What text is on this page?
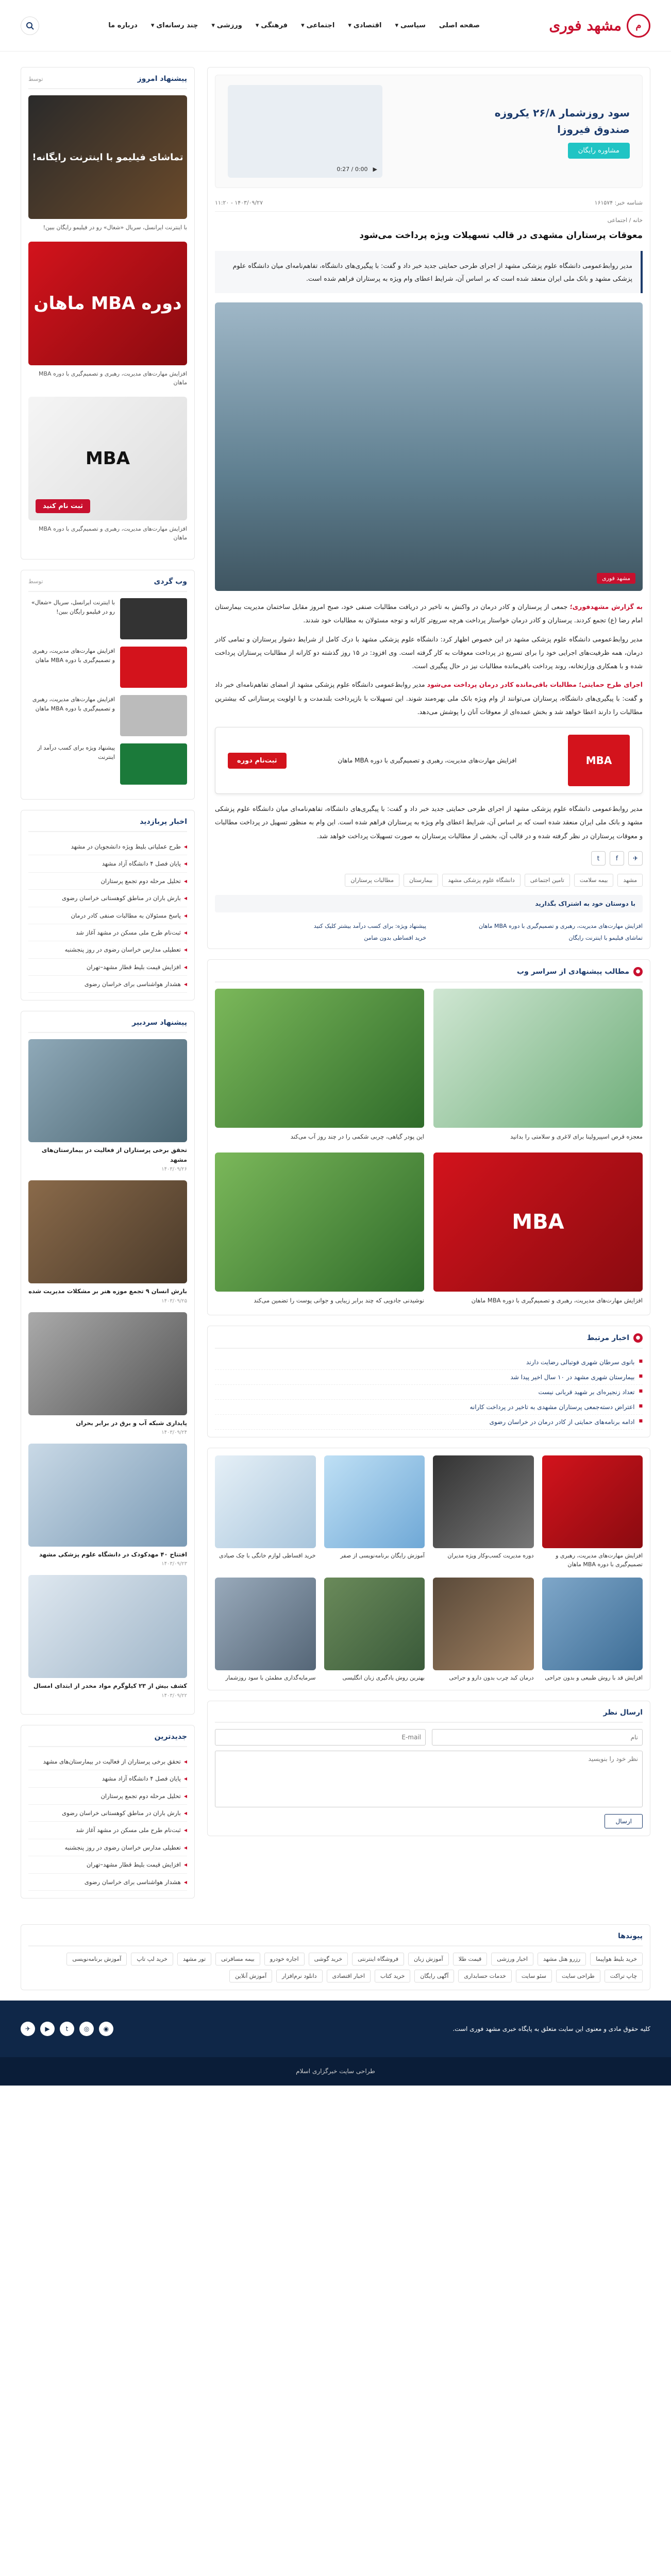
م
مشهد فوری
صفحه اصلی
سیاسی
▾
اقتصادی
▾
اجتماعی
▾
فرهنگی
▾
ورزشی
▾
چند رسانه‌ای
▾
درباره ما
سود روزشمار ۲۶/۸ یکروزه
صندوق فیروزا
مشاوره رایگان
▶
0:00 / 0:27
شناسه خبر: ۱۶۱۵۷۴
۱۴۰۳/۰۹/۲۷ - ۱۱:۲۰
خانه / اجتماعی
معوقات پرستاران مشهدی در قالب تسهیلات ویژه پرداخت می‌شود
مدیر روابط‌عمومی دانشگاه علوم پزشکی مشهد از اجرای طرحی حمایتی جدید خبر داد و گفت: با پیگیری‌های دانشگاه، تفاهم‌نامه‌ای میان دانشگاه علوم پزشکی مشهد و بانک ملی ایران منعقد شده است که بر اساس آن، شرایط اعطای وام ویژه به پرستاران فراهم شده است.
مشهد فوری

به گزارش مشهدفوری؛ جمعی از پرستاران و کادر درمان در واکنش به تاخیر در دریافت مطالبات صنفی خود، صبح امروز مقابل ساختمان مدیریت بیمارستان امام رضا (ع) تجمع کردند. پرستاران و کادر درمان خواستار پرداخت هرچه سریع‌تر کارانه و توجه مسئولان به مطالبات خود شدند.

مدیر روابط‌عمومی دانشگاه علوم پزشکی مشهد در این خصوص اظهار کرد: دانشگاه علوم پزشکی مشهد با درک کامل از شرایط دشوار پرستاران و تمامی کادر درمان، همه ظرفیت‌های اجرایی خود را برای تسریع در پرداخت معوقات به کار گرفته است. وی افزود: در ۱۵ روز گذشته دو کارانه از مطالبات پرستاران پرداخت شده و با همکاری وزارتخانه، روند پرداخت باقی‌مانده مطالبات نیز در حال پیگیری است.

اجرای طرح حمایتی؛ مطالبات باقی‌مانده کادر درمان پرداخت می‌شود مدیر روابط‌عمومی دانشگاه علوم پزشکی مشهد از امضای تفاهم‌نامه‌ای خبر داد و گفت: با پیگیری‌های دانشگاه، پرستاران می‌توانند از وام ویژه بانک ملی بهره‌مند شوند. این تسهیلات با بازپرداخت بلندمدت و با اولویت پرستارانی که بیشترین مطالبات را دارند اعطا خواهد شد و بخش عمده‌ای از معوقات آنان را پوشش می‌دهد.

MBA
افزایش مهارت‌های مدیریت، رهبری و تصمیم‌گیری با دوره MBA ماهان
ثبت‌نام دوره

مدیر روابط‌عمومی دانشگاه علوم پزشکی مشهد از اجرای طرحی حمایتی جدید خبر داد و گفت: با پیگیری‌های دانشگاه، تفاهم‌نامه‌ای میان دانشگاه علوم پزشکی مشهد و بانک ملی ایران منعقد شده است که بر اساس آن، شرایط اعطای وام ویژه به پرستاران فراهم شده است. این وام به منظور تسهیل در پرداخت مطالبات و معوقات پرستاران در نظر گرفته شده و در قالب آن، بخشی از مطالبات پرستاران به صورت تسهیلات پرداخت خواهد شد.

✈
f
t
مشهد
بیمه سلامت
تامین اجتماعی
دانشگاه علوم پزشکی مشهد
بیمارستان
مطالبات پرستاران
با دوستان خود به اشتراک بگذارید
افزایش مهارت‌های مدیریت، رهبری و تصمیم‌گیری با دوره MBA ماهان
پیشنهاد ویژه: برای کسب درآمد بیشتر کلیک کنید
تماشای فیلیمو با اینترنت رایگان
خرید اقساطی بدون ضامن
●
مطالب پیشنهادی از سراسر وب
معجزه قرص اسپیرولینا برای لاغری و سلامتی را بدانید
این پودر گیاهی، چربی شکمی را در چند روز آب می‌کند
MBA
افزایش مهارت‌های مدیریت، رهبری و تصمیم‌گیری با دوره MBA ماهان
نوشیدنی جادویی که چند برابر زیبایی و جوانی پوست را تضمین می‌کند
●
اخبار مرتبط
■ بانوی سرطان شهری فوتبالی رضایت دارند
■ بیمارستان شهری مشهد در ۱۰ سال اخیر پیدا شد
■ تعداد زنجیره‌ای بر شهید قربانی نیست
■ اعتراض دسته‌جمعی پرستاران مشهدی به تاخیر در پرداخت کارانه
■ ادامه برنامه‌های حمایتی از کادر درمان در خراسان رضوی
افزایش مهارت‌های مدیریت، رهبری و تصمیم‌گیری با دوره MBA ماهان
دوره مدیریت کسب‌وکار ویژه مدیران
آموزش رایگان برنامه‌نویسی از صفر
خرید اقساطی لوازم خانگی با چک صیادی
افزایش قد با روش طبیعی و بدون جراحی
درمان کبد چرب بدون دارو و جراحی
بهترین روش یادگیری زبان انگلیسی
سرمایه‌گذاری مطمئن با سود روزشمار
ارسال نظر
نام
E-mail
نظر خود را بنویسید
ارسال
پیشنهاد امروز
توسط
تماشای فیلیمو با اینترنت رایگانه!
با اینترنت ایرانسل، سریال «شغال» رو در فیلیمو رایگان ببین!
دوره MBA ماهان
افزایش مهارت‌های مدیریت، رهبری و تصمیم‌گیری با دوره MBA ماهان
MBA
ثبت نام کنید
افزایش مهارت‌های مدیریت، رهبری و تصمیم‌گیری با دوره MBA ماهان
وب گردی
توسط
با اینترنت ایرانسل، سریال «شغال» رو در فیلیمو رایگان ببین!
افزایش مهارت‌های مدیریت، رهبری و تصمیم‌گیری با دوره MBA ماهان
افزایش مهارت‌های مدیریت، رهبری و تصمیم‌گیری با دوره MBA ماهان
پیشنهاد ویژه برای کسب درآمد از اینترنت
اخبار پربازدید
◀ طرح عملیاتی بلیط ویژه دانشجویان در مشهد
◀ پایان فصل ۴ دانشگاه آزاد مشهد
◀ تحلیل مرحله دوم تجمع پرستاران
◀ بارش باران در مناطق کوهستانی خراسان رضوی
◀ پاسخ مسئولان به مطالبات صنفی کادر درمان
◀ ثبت‌نام طرح ملی مسکن در مشهد آغاز شد
◀ تعطیلی مدارس خراسان رضوی در روز پنجشنبه
◀ افزایش قیمت بلیط قطار مشهد–تهران
◀ هشدار هواشناسی برای خراسان رضوی
پیشنهاد سردبیر
تحقق برخی پرستاران از فعالیت در بیمارستان‌های مشهد
۱۴۰۳/۰۹/۲۶
بارش انسان ۹ تجمع موزه هنر بر مشکلات مدیریت شده
۱۴۰۳/۰۹/۲۵
پایداری شبکه آب و برق در برابر بحران
۱۴۰۳/۰۹/۲۴
افتتاح ۴۰ مهدکودک در دانشگاه علوم پزشکی مشهد
۱۴۰۳/۰۹/۲۳
کشف بیش از ۲۳ کیلوگرم مواد مخدر از ابتدای امسال
۱۴۰۳/۰۹/۲۲
جدیدترین
◀ تحقق برخی پرستاران از فعالیت در بیمارستان‌های مشهد
◀ پایان فصل ۴ دانشگاه آزاد مشهد
◀ تحلیل مرحله دوم تجمع پرستاران
◀ بارش باران در مناطق کوهستانی خراسان رضوی
◀ ثبت‌نام طرح ملی مسکن در مشهد آغاز شد
◀ تعطیلی مدارس خراسان رضوی در روز پنجشنبه
◀ افزایش قیمت بلیط قطار مشهد–تهران
◀ هشدار هواشناسی برای خراسان رضوی
پیوندها
خرید بلیط هواپیما
رزرو هتل مشهد
اخبار ورزشی
قیمت طلا
آموزش زبان
فروشگاه اینترنتی
خرید گوشی
اجاره خودرو
بیمه مسافرتی
تور مشهد
خرید لپ تاپ
آموزش برنامه‌نویسی
چاپ تراکت
طراحی سایت
سئو سایت
خدمات حسابداری
آگهی رایگان
خرید کتاب
اخبار اقتصادی
دانلود نرم‌افزار
آموزش آنلاین
کلیه حقوق مادی و معنوی این سایت متعلق به پایگاه خبری مشهد فوری است.
◉
◎
t
▶
✈
طراحی سایت خبرگزاری اسلام
